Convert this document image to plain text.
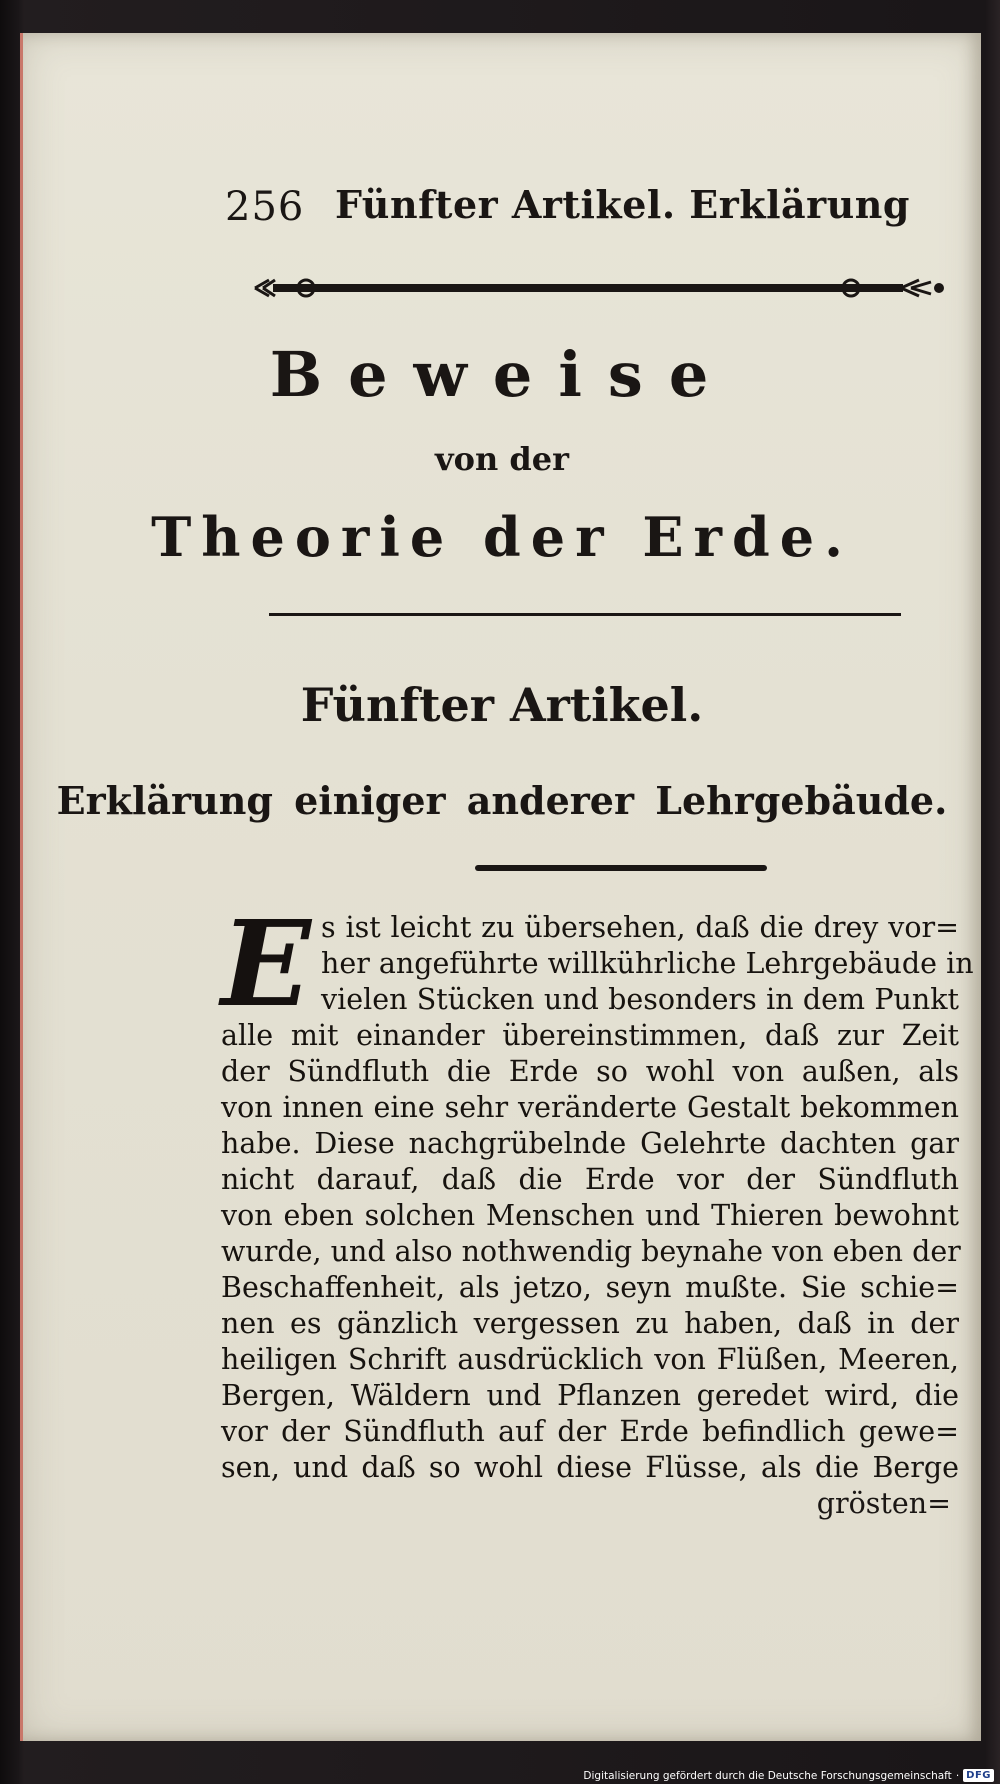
256 Fünfter Artikel. Erklärung
Beweise
von der
Theorie der Erde.
Fünfter Artikel.
Erklärung einiger anderer Lehrgebäude.
E s ist leicht zu übersehen, daß die drey vor=
her angeführte willkührliche Lehrgebäude in
vielen Stücken und besonders in dem Punkt
alle mit einander übereinstimmen, daß zur Zeit
der Sündfluth die Erde so wohl von außen, als
von innen eine sehr veränderte Gestalt bekommen
habe. Diese nachgrübelnde Gelehrte dachten gar
nicht darauf, daß die Erde vor der Sündfluth
von eben solchen Menschen und Thieren bewohnt
wurde, und also nothwendig beynahe von eben der
Beschaffenheit, als jetzo, seyn mußte. Sie schie=
nen es gänzlich vergessen zu haben, daß in der
heiligen Schrift ausdrücklich von Flüßen, Meeren,
Bergen, Wäldern und Pflanzen geredet wird, die
vor der Sündfluth auf der Erde befindlich gewe=
sen, und daß so wohl diese Flüsse, als die Berge
grösten=
Digitalisierung gefördert durch die Deutsche Forschungsgemeinschaft · DFG
